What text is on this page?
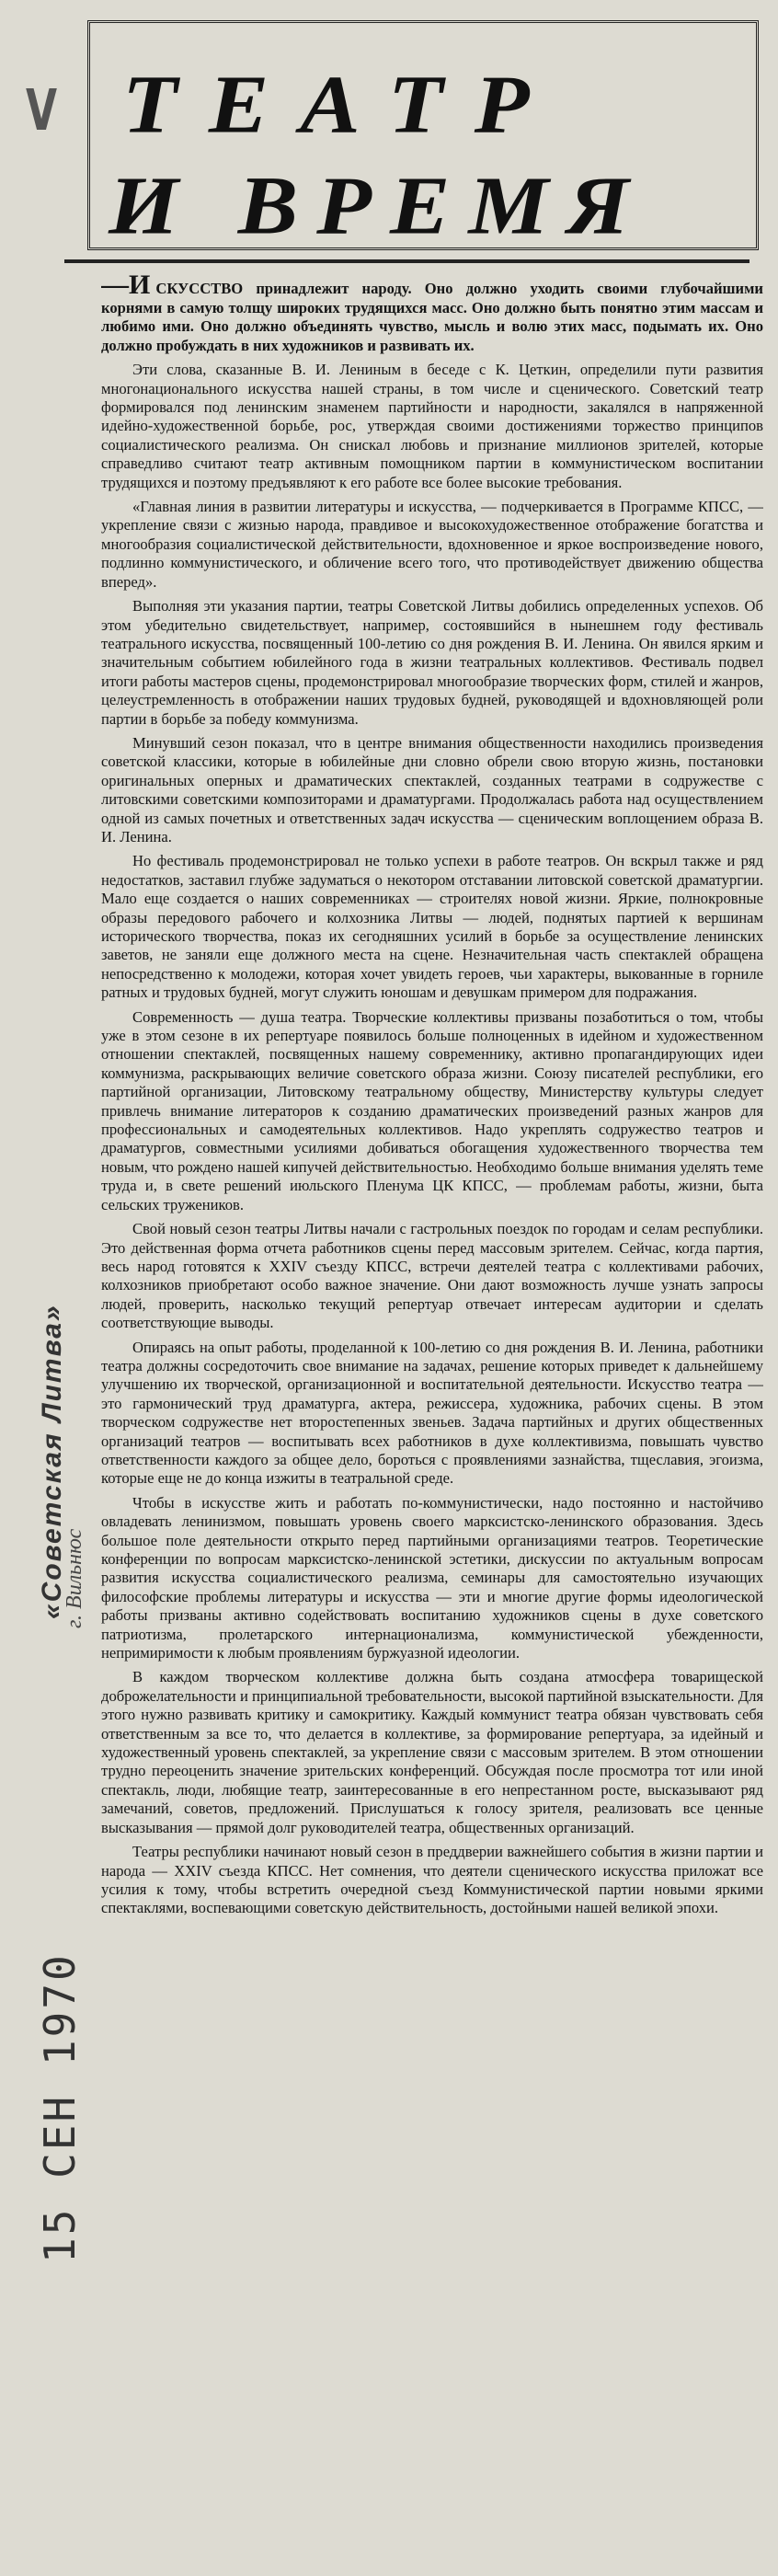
V ТЕАТР
И ВРЕМЯ
«Советская Литва»
г. Вильнюс
15 СЕН 1970

—И СКУССТВО принадлежит народу. Оно должно уходить своими глубочайшими корнями в самую толщу широких трудящихся масс. Оно должно быть понятно этим массам и любимо ими. Оно должно объединять чувство, мысль и волю этих масс, подымать их. Оно должно пробуждать в них художников и развивать их.

Эти слова, сказанные В. И. Лениным в беседе с К. Цеткин, определили пути развития многонационального искусства нашей страны, в том числе и сценического. Советский театр формировался под ленинским знаменем партийности и народности, закалялся в напряженной идейно-художественной борьбе, рос, утверждая своими достижениями торжество принципов социалистического реализма. Он снискал любовь и признание миллионов зрителей, которые справедливо считают театр активным помощником партии в коммунистическом воспитании трудящихся и поэтому предъявляют к его работе все более высокие требования.

«Главная линия в развитии литературы и искусства, — подчеркивается в Программе КПСС, — укрепление связи с жизнью народа, правдивое и высокохудожественное отображение богатства и многообразия социалистической действительности, вдохновенное и яркое воспроизведение нового, подлинно коммунистического, и обличение всего того, что противодействует движению общества вперед».

Выполняя эти указания партии, театры Советской Литвы добились определенных успехов. Об этом убедительно свидетельствует, например, состоявшийся в нынешнем году фестиваль театрального искусства, посвященный 100-летию со дня рождения В. И. Ленина. Он явился ярким и значительным событием юбилейного года в жизни театральных коллективов. Фестиваль подвел итоги работы мастеров сцены, продемонстрировал многообразие творческих форм, стилей и жанров, целеустремленность в отображении наших трудовых будней, руководящей и вдохновляющей роли партии в борьбе за победу коммунизма.

Минувший сезон показал, что в центре внимания общественности находились произведения советской классики, которые в юбилейные дни словно обрели свою вторую жизнь, постановки оригинальных оперных и драматических спектаклей, созданных театрами в содружестве с литовскими советскими композиторами и драматургами. Продолжалась работа над осуществлением одной из самых почетных и ответственных задач искусства — сценическим воплощением образа В. И. Ленина.

Но фестиваль продемонстрировал не только успехи в работе театров. Он вскрыл также и ряд недостатков, заставил глубже задуматься о некотором отставании литовской советской драматургии. Мало еще создается о наших современниках — строителях новой жизни. Яркие, полнокровные образы передового рабочего и колхозника Литвы — людей, поднятых партией к вершинам исторического творчества, показ их сегодняшних усилий в борьбе за осуществление ленинских заветов, не заняли еще должного места на сцене. Незначительная часть спектаклей обращена непосредственно к молодежи, которая хочет увидеть героев, чьи характеры, выкованные в горниле ратных и трудовых будней, могут служить юношам и девушкам примером для подражания.

Современность — душа театра. Творческие коллективы призваны позаботиться о том, чтобы уже в этом сезоне в их репертуаре появилось больше полноценных в идейном и художественном отношении спектаклей, посвященных нашему современнику, активно пропагандирующих идеи коммунизма, раскрывающих величие советского образа жизни. Союзу писателей республики, его партийной организации, Литовскому театральному обществу, Министерству культуры следует привлечь внимание литераторов к созданию драматических произведений разных жанров для профессиональных и самодеятельных коллективов. Надо укреплять содружество театров и драматургов, совместными усилиями добиваться обогащения художественного творчества тем новым, что рождено нашей кипучей действительностью. Необходимо больше внимания уделять теме труда и, в свете решений июльского Пленума ЦК КПСС, — проблемам работы, жизни, быта сельских тружеников.

Свой новый сезон театры Литвы начали с гастрольных поездок по городам и селам республики. Это действенная форма отчета работников сцены перед массовым зрителем. Сейчас, когда партия, весь народ готовятся к XXIV съезду КПСС, встречи деятелей театра с коллективами рабочих, колхозников приобретают особо важное значение. Они дают возможность лучше узнать запросы людей, проверить, насколько текущий репертуар отвечает интересам аудитории и сделать соответствующие выводы.

Опираясь на опыт работы, проделанной к 100-летию со дня рождения В. И. Ленина, работники театра должны сосредоточить свое внимание на задачах, решение которых приведет к дальнейшему улучшению их творческой, организационной и воспитательной деятельности. Искусство театра — это гармонический труд драматурга, актера, режиссера, художника, рабочих сцены. В этом творческом содружестве нет второстепенных звеньев. Задача партийных и других общественных организаций театров — воспитывать всех работников в духе коллективизма, повышать чувство ответственности каждого за общее дело, бороться с проявлениями зазнайства, тщеславия, эгоизма, которые еще не до конца изжиты в театральной среде.

Чтобы в искусстве жить и работать по-коммунистически, надо постоянно и настойчиво овладевать ленинизмом, повышать уровень своего марксистско-ленинского образования. Здесь большое поле деятельности открыто перед партийными организациями театров. Теоретические конференции по вопросам марксистско-ленинской эстетики, дискуссии по актуальным вопросам развития искусства социалистического реализма, семинары для самостоятельно изучающих философские проблемы литературы и искусства — эти и многие другие формы идеологической работы призваны активно содействовать воспитанию художников сцены в духе советского патриотизма, пролетарского интернационализма, коммунистической убежденности, непримиримости к любым проявлениям буржуазной идеологии.

В каждом творческом коллективе должна быть создана атмосфера товарищеской доброжелательности и принципиальной требовательности, высокой партийной взыскательности. Для этого нужно развивать критику и самокритику. Каждый коммунист театра обязан чувствовать себя ответственным за все то, что делается в коллективе, за формирование репертуара, за идейный и художественный уровень спектаклей, за укрепление связи с массовым зрителем. В этом отношении трудно переоценить значение зрительских конференций. Обсуждая после просмотра тот или иной спектакль, люди, любящие театр, заинтересованные в его непрестанном росте, высказывают ряд замечаний, советов, предложений. Прислушаться к голосу зрителя, реализовать все ценные высказывания — прямой долг руководителей театра, общественных организаций.

Театры республики начинают новый сезон в преддверии важнейшего события в жизни партии и народа — XXIV съезда КПСС. Нет сомнения, что деятели сценического искусства приложат все усилия к тому, чтобы встретить очередной съезд Коммунистической партии новыми яркими спектаклями, воспевающими советскую действительность, достойными нашей великой эпохи.
